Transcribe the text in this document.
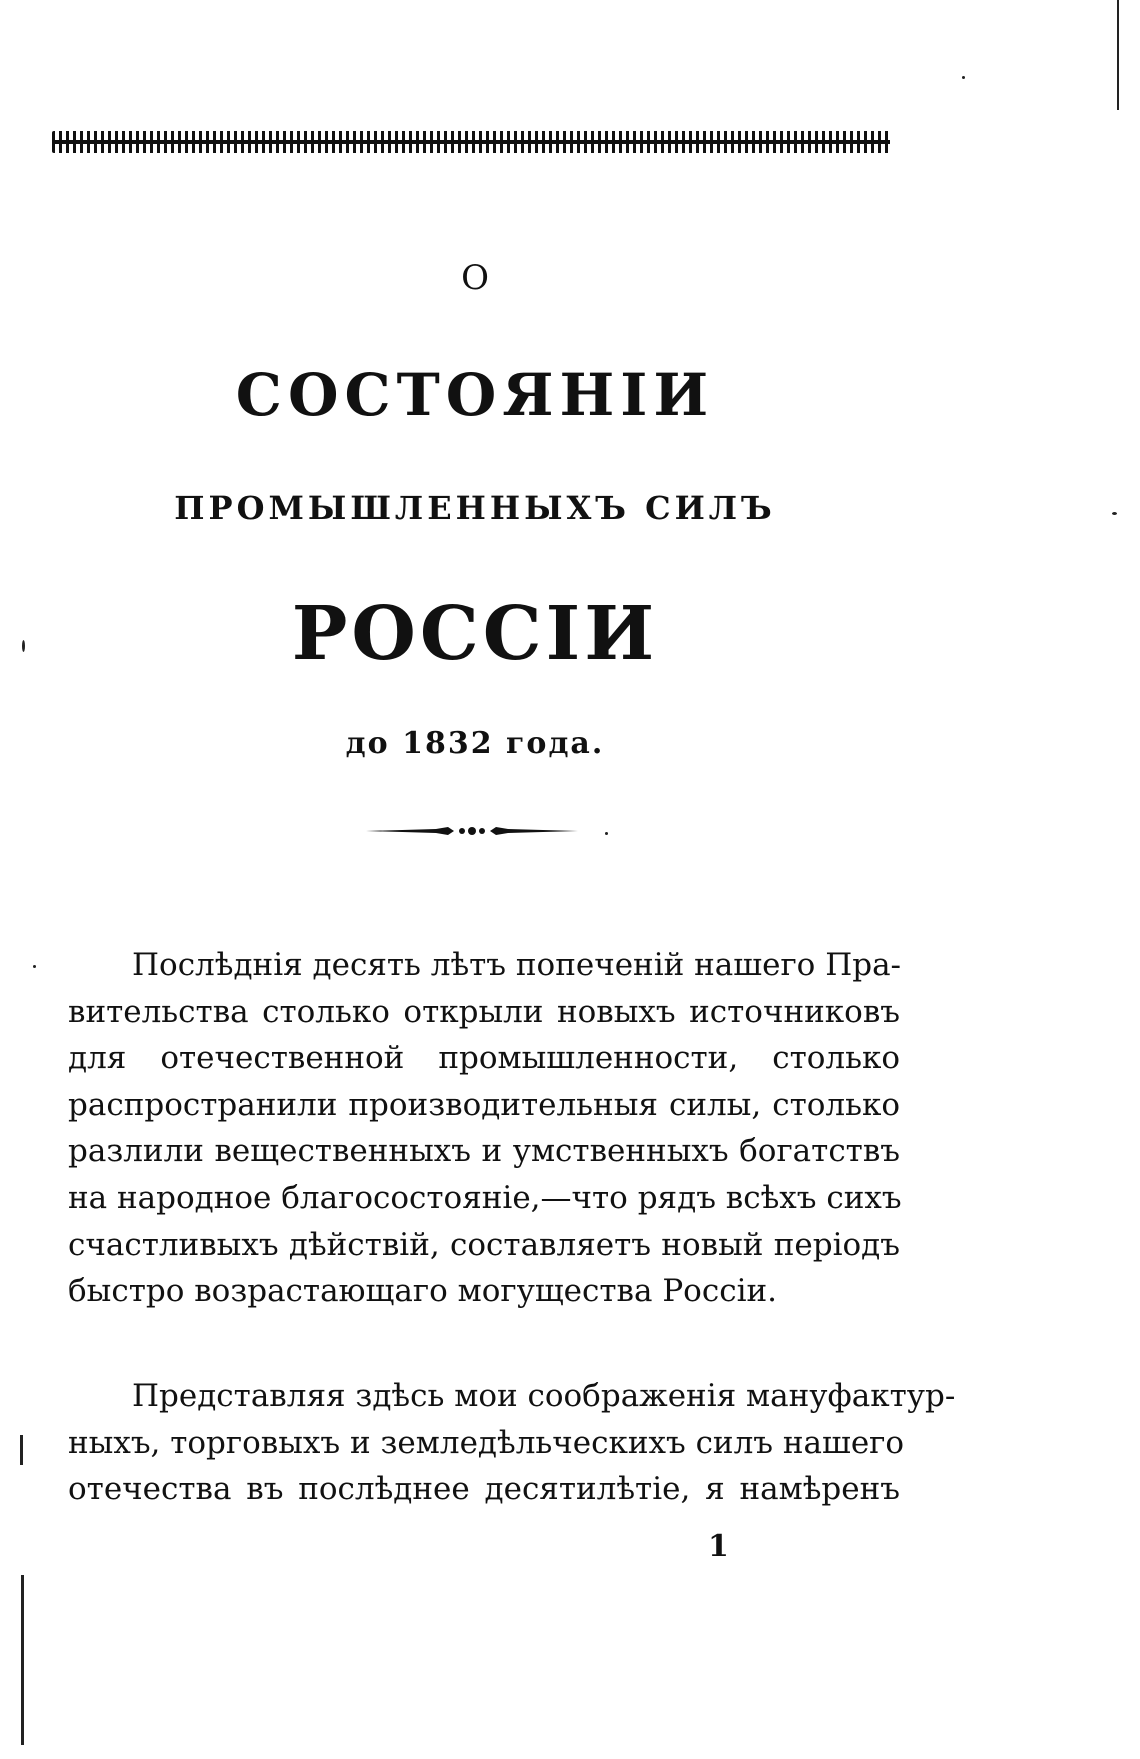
О
СОСТОЯНІИ
ПРОМЫШЛЕННЫХЪ СИЛЪ
РОССІИ
до 1832 года.
Послѣднія десять лѣтъ попеченій нашего Пра-
вительства столько открыли новыхъ источниковъ
для отечественной промышленности, столько
распространили производительныя силы, столько
разлили вещественныхъ и умственныхъ богатствъ
на народное благосостояніе,—что рядъ всѣхъ сихъ
счастливыхъ дѣйствій, составляетъ новый періодъ
быстро возрастающаго могущества Россіи.
Представляя здѣсь мои соображенія мануфактур-
ныхъ, торговыхъ и земледѣльческихъ силъ нашего
отечества въ послѣднее десятилѣтіе, я намѣренъ
1
